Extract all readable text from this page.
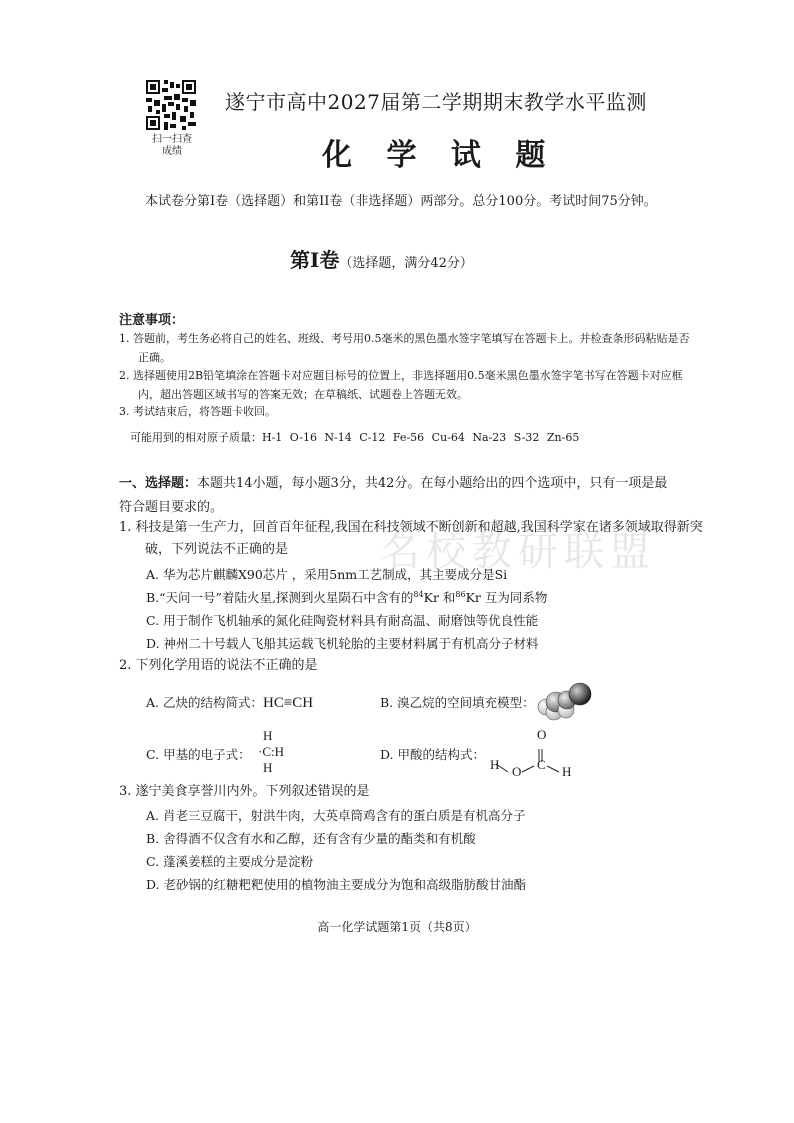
扫一扫查成绩
遂宁市高中2027届第二学期期末教学水平监测
化 学 试 题
本试卷分第Ⅰ卷（选择题）和第II卷（非选择题）两部分。总分100分。考试时间75分钟。
第Ⅰ卷（选择题，满分42分）
注意事项：
1. 答题前，考生务必将自己的姓名、班级、考号用0.5毫米的黑色墨水签字笔填写在答题卡上。并检查条形码粘贴是否正确。
2. 选择题使用2B铅笔填涂在答题卡对应题目标号的位置上，非选择题用0.5毫米黑色墨水签字笔书写在答题卡对应框内，超出答题区域书写的答案无效；在草稿纸、试题卷上答题无效。
3. 考试结束后，将答题卡收回。
可能用到的相对原子质量：H-1 O-16 N-14 C-12 Fe-56 Cu-64 Na-23 S-32 Zn-65
名校教研联盟
一、选择题：本题共14小题，每小题3分，共42分。在每小题给出的四个选项中，只有一项是最符合题目要求的。
1. 科技是第一生产力，回首百年征程,我国在科技领域不断创新和超越,我国科学家在诸多领域取得新突破，下列说法不正确的是
A. 华为芯片麒麟X90芯片 ，采用5nm工艺制成，其主要成分是Si
B.“天问一号”着陆火星,探测到火星陨石中含有的$^{84}$Kr 和$^{86}$Kr 互为同系物
C. 用于制作飞机轴承的氮化硅陶瓷材料具有耐高温、耐磨蚀等优良性能
D. 神州二十号载人飞船其运载飞机轮胎的主要材料属于有机高分子材料
2. 下列化学用语的说法不正确的是
A. 乙炔的结构简式：HC≡CH	B. 溴乙烷的空间填充模型：
C. 甲基的电子式：
H
·C:H
H
D. 甲酸的结构式：
O
H O C H
3. 遂宁美食享誉川内外。下列叙述错误的是
A. 肖老三豆腐干，射洪牛肉，大英卓筒鸡含有的蛋白质是有机高分子
B. 舍得酒不仅含有水和乙醇，还有含有少量的酯类和有机酸
C. 蓬溪姜糕的主要成分是淀粉
D. 老砂锅的红糖粑粑使用的植物油主要成分为饱和高级脂肪酸甘油酯
高一化学试题第1页（共8页）
